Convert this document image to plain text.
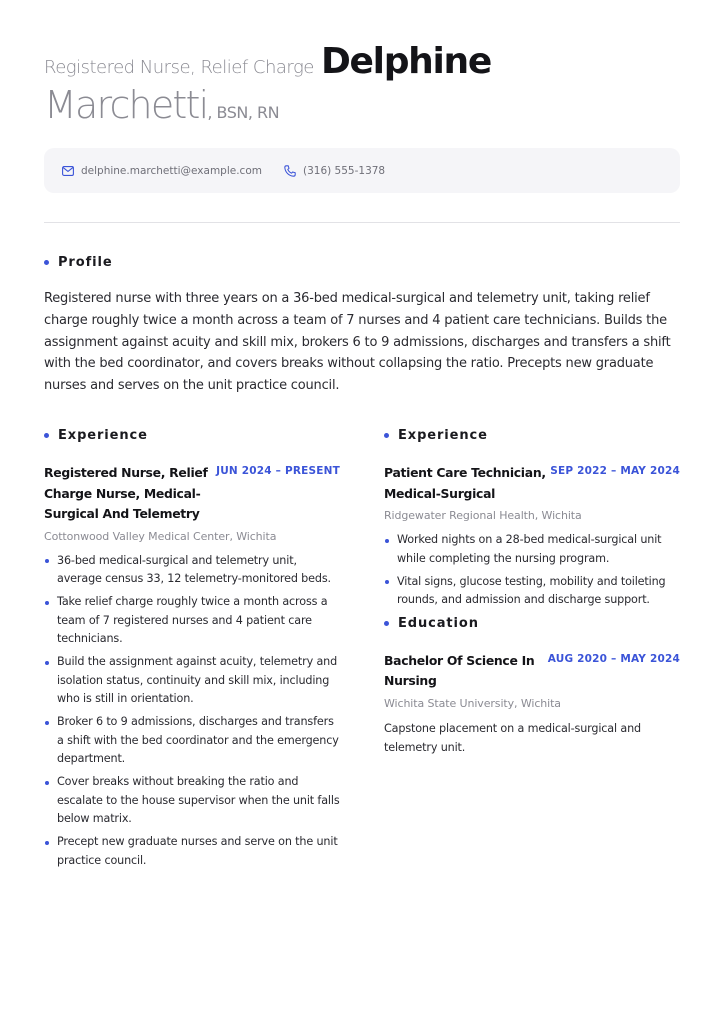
Registered Nurse, Relief Charge Delphine
Marchetti, BSN, RN
delphine.marchetti@example.com	(316) 555-1378
Profile

Registered nurse with three years on a 36-bed medical-surgical and telemetry unit, taking relief charge roughly twice a month across a team of 7 nurses and 4 patient care technicians. Builds the assignment against acuity and skill mix, brokers 6 to 9 admissions, discharges and transfers a shift with the bed coordinator, and covers breaks without collapsing the ratio. Precepts new graduate nurses and serves on the unit practice council.

Experience
Registered Nurse, Relief Charge Nurse, Medical-Surgical And Telemetry
JUN 2024 – PRESENT
Cottonwood Valley Medical Center, Wichita
36-bed medical-surgical and telemetry unit, average census 33, 12 telemetry-monitored beds.
Take relief charge roughly twice a month across a team of 7 registered nurses and 4 patient care technicians.
Build the assignment against acuity, telemetry and isolation status, continuity and skill mix, including who is still in orientation.
Broker 6 to 9 admissions, discharges and transfers a shift with the bed coordinator and the emergency department.
Cover breaks without breaking the ratio and escalate to the house supervisor when the unit falls below matrix.
Precept new graduate nurses and serve on the unit practice council.
Experience
Patient Care Technician, Medical-Surgical
SEP 2022 – MAY 2024
Ridgewater Regional Health, Wichita
Worked nights on a 28-bed medical-surgical unit while completing the nursing program.
Vital signs, glucose testing, mobility and toileting rounds, and admission and discharge support.
Education
Bachelor Of Science In Nursing
AUG 2020 – MAY 2024
Wichita State University, Wichita

Capstone placement on a medical-surgical and telemetry unit.
